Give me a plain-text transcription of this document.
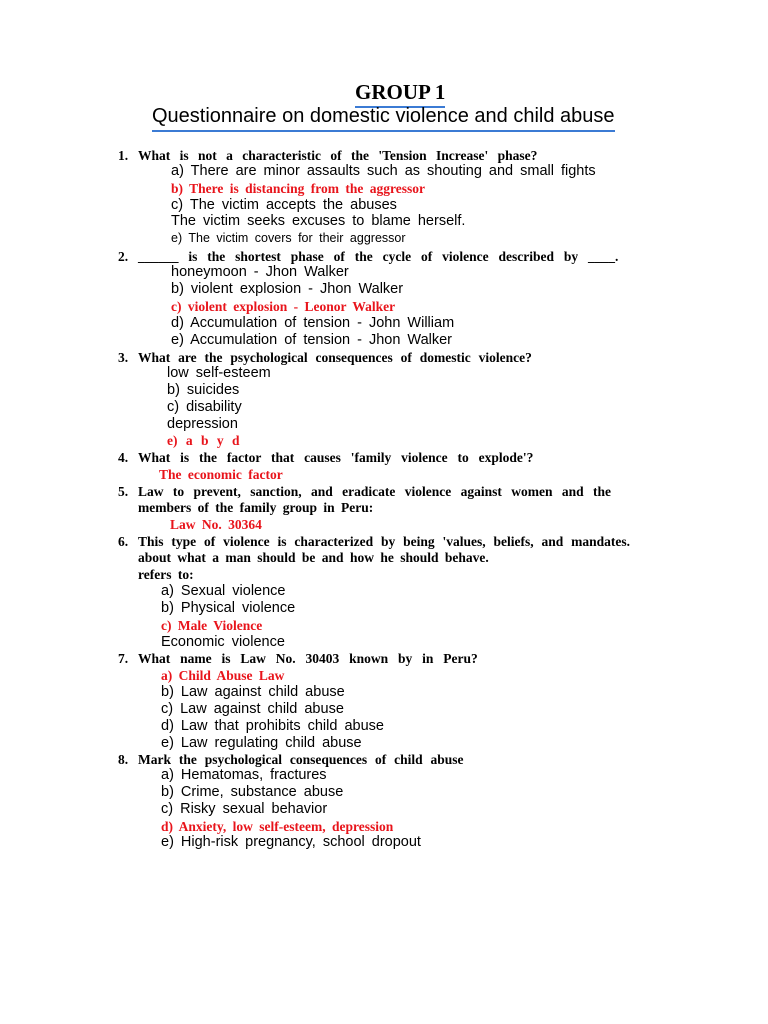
GROUP 1
Questionnaire on domestic violence and child abuse
1. What is not a characteristic of the 'Tension Increase' phase?
a) There are minor assaults such as shouting and small fights
b) There is distancing from the aggressor
c) The victim accepts the abuses
The victim seeks excuses to blame herself.
e) The victim covers for their aggressor
2. ______ is the shortest phase of the cycle of violence described by ____.
honeymoon - Jhon Walker
b) violent explosion - Jhon Walker
c) violent explosion - Leonor Walker
d) Accumulation of tension - John William
e) Accumulation of tension - Jhon Walker
3. What are the psychological consequences of domestic violence?
low self-esteem
b) suicides
c) disability
depression
e) a b y d
4. What is the factor that causes 'family violence to explode'?
The economic factor
5. Law to prevent, sanction, and eradicate violence against women and the
members of the family group in Peru:
Law No. 30364
6. This type of violence is characterized by being 'values, beliefs, and mandates.
about what a man should be and how he should behave.
refers to:
a) Sexual violence
b) Physical violence
c) Male Violence
Economic violence
7. What name is Law No. 30403 known by in Peru?
a) Child Abuse Law
b) Law against child abuse
c) Law against child abuse
d) Law that prohibits child abuse
e) Law regulating child abuse
8. Mark the psychological consequences of child abuse
a) Hematomas, fractures
b) Crime, substance abuse
c) Risky sexual behavior
d) Anxiety, low self-esteem, depression
e) High-risk pregnancy, school dropout
